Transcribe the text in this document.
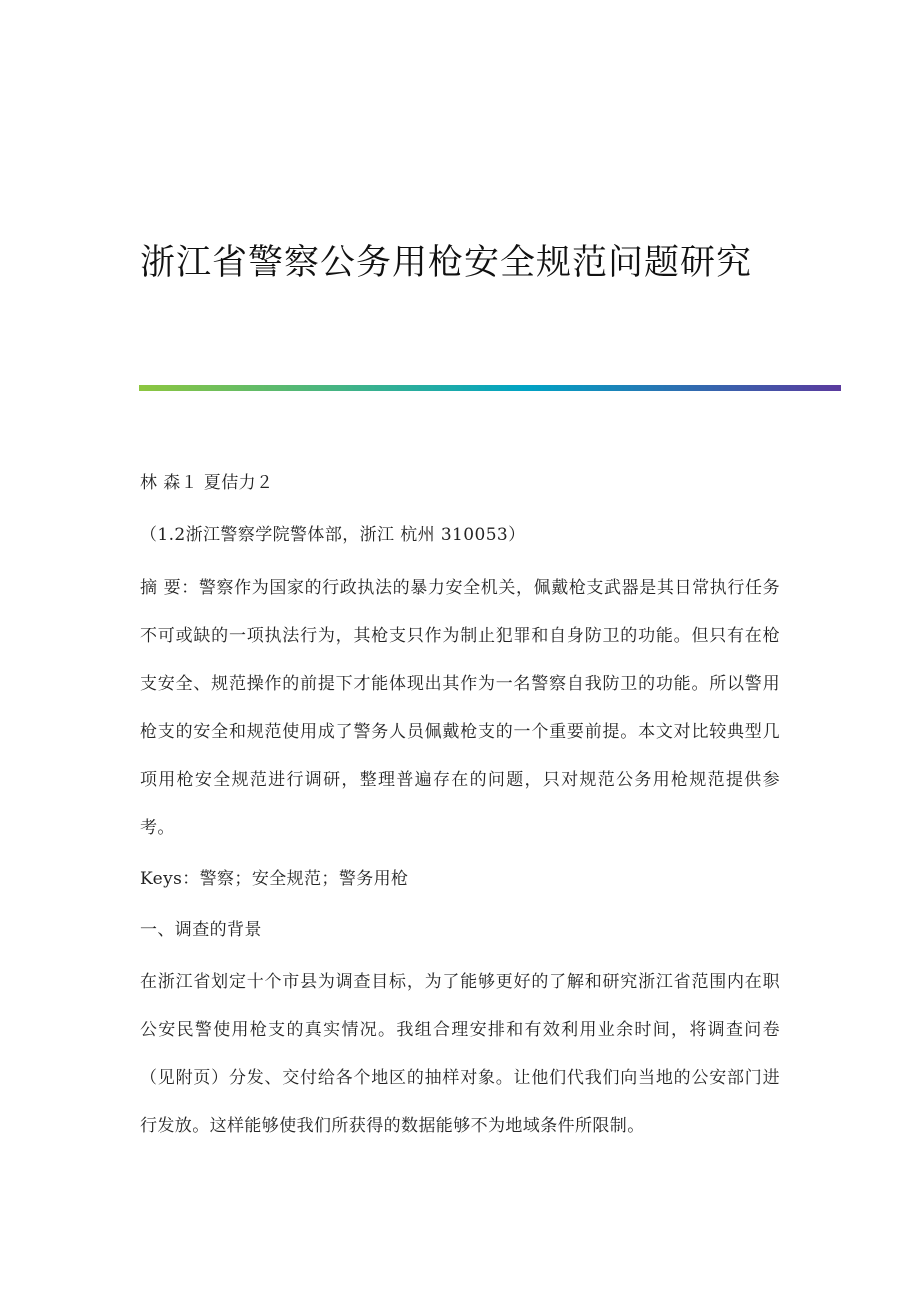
浙江省警察公务用枪安全规范问题研究

林 森１ 夏佶力２

（1.2浙江警察学院警体部，浙江 杭州 310053）

摘 要：警察作为国家的行政执法的暴力安全机关，佩戴枪支武器是其日常执行任务不可或缺的一项执法行为，其枪支只作为制止犯罪和自身防卫的功能。但只有在枪支安全、规范操作的前提下才能体现出其作为一名警察自我防卫的功能。所以警用枪支的安全和规范使用成了警务人员佩戴枪支的一个重要前提。本文对比较典型几项用枪安全规范进行调研，整理普遍存在的问题，只对规范公务用枪规范提供参考。

Keys：警察；安全规范；警务用枪

一、调查的背景

在浙江省划定十个市县为调查目标，为了能够更好的了解和研究浙江省范围内在职公安民警使用枪支的真实情况。我组合理安排和有效利用业余时间，将调查问卷（见附页）分发、交付给各个地区的抽样对象。让他们代我们向当地的公安部门进行发放。这样能够使我们所获得的数据能够不为地域条件所限制。
